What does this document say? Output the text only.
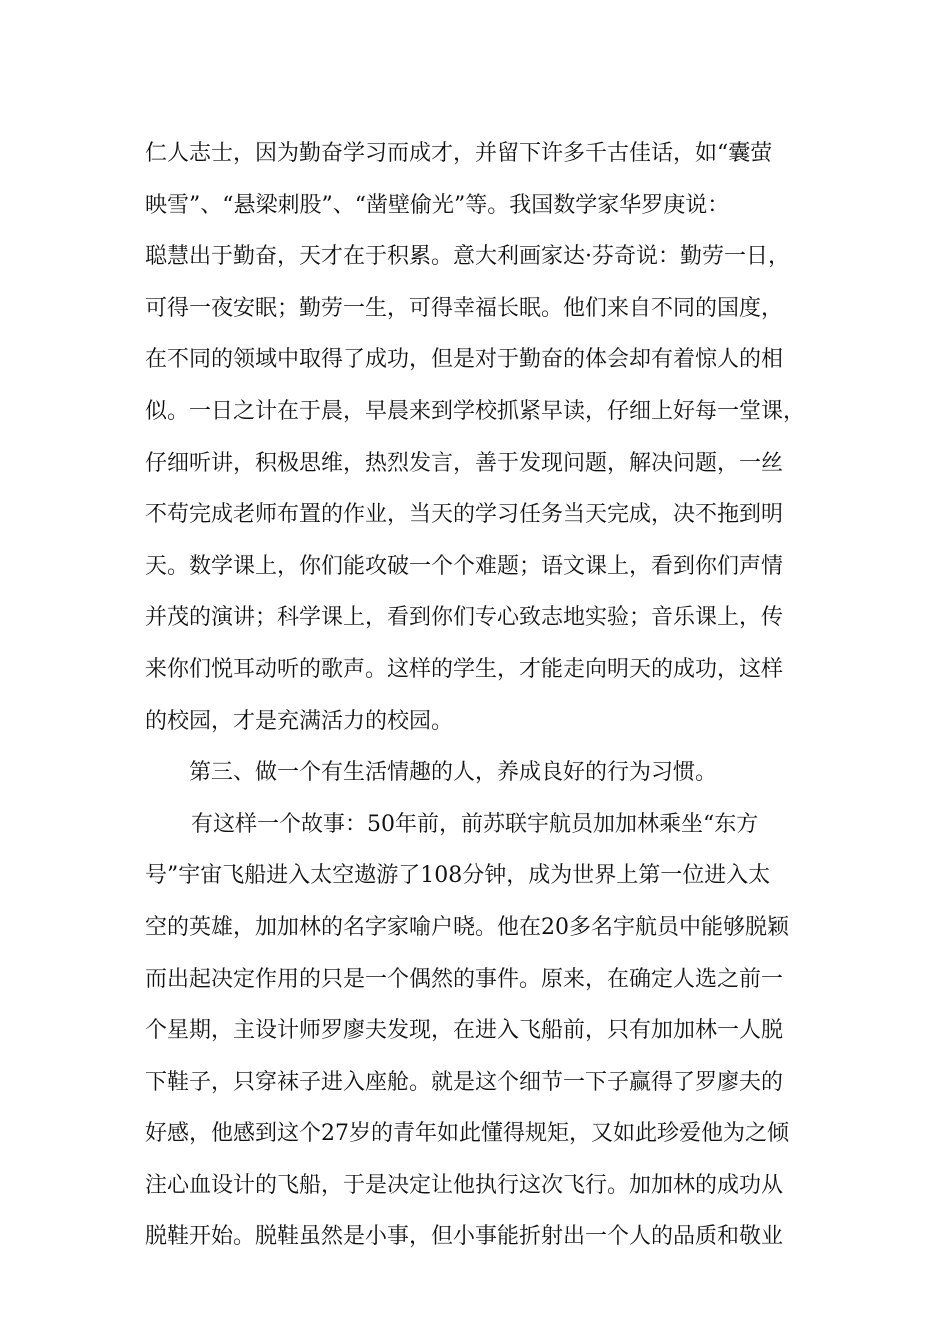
仁人志士，因为勤奋学习而成才，并留下许多千古佳话，如“囊萤
映雪”、“悬梁刺股”、“凿壁偷光”等。我国数学家华罗庚说：
聪慧出于勤奋，天才在于积累。意大利画家达·芬奇说：勤劳一日，
可得一夜安眠；勤劳一生，可得幸福长眠。他们来自不同的国度，
在不同的领域中取得了成功，但是对于勤奋的体会却有着惊人的相
似。一日之计在于晨，早晨来到学校抓紧早读，仔细上好每一堂课，
仔细听讲，积极思维，热烈发言，善于发现问题，解决问题，一丝
不苟完成老师布置的作业，当天的学习任务当天完成，决不拖到明
天。数学课上，你们能攻破一个个难题；语文课上，看到你们声情
并茂的演讲；科学课上，看到你们专心致志地实验；音乐课上，传
来你们悦耳动听的歌声。这样的学生，才能走向明天的成功，这样
的校园，才是充满活力的校园。
第三、做一个有生活情趣的人，养成良好的行为习惯。
有这样一个故事：50年前，前苏联宇航员加加林乘坐“东方
号”宇宙飞船进入太空遨游了108分钟，成为世界上第一位进入太
空的英雄，加加林的名字家喻户晓。他在20多名宇航员中能够脱颖
而出起决定作用的只是一个偶然的事件。原来，在确定人选之前一
个星期，主设计师罗廖夫发现，在进入飞船前，只有加加林一人脱
下鞋子，只穿袜子进入座舱。就是这个细节一下子赢得了罗廖夫的
好感，他感到这个27岁的青年如此懂得规矩，又如此珍爱他为之倾
注心血设计的飞船，于是决定让他执行这次飞行。加加林的成功从
脱鞋开始。脱鞋虽然是小事，但小事能折射出一个人的品质和敬业
